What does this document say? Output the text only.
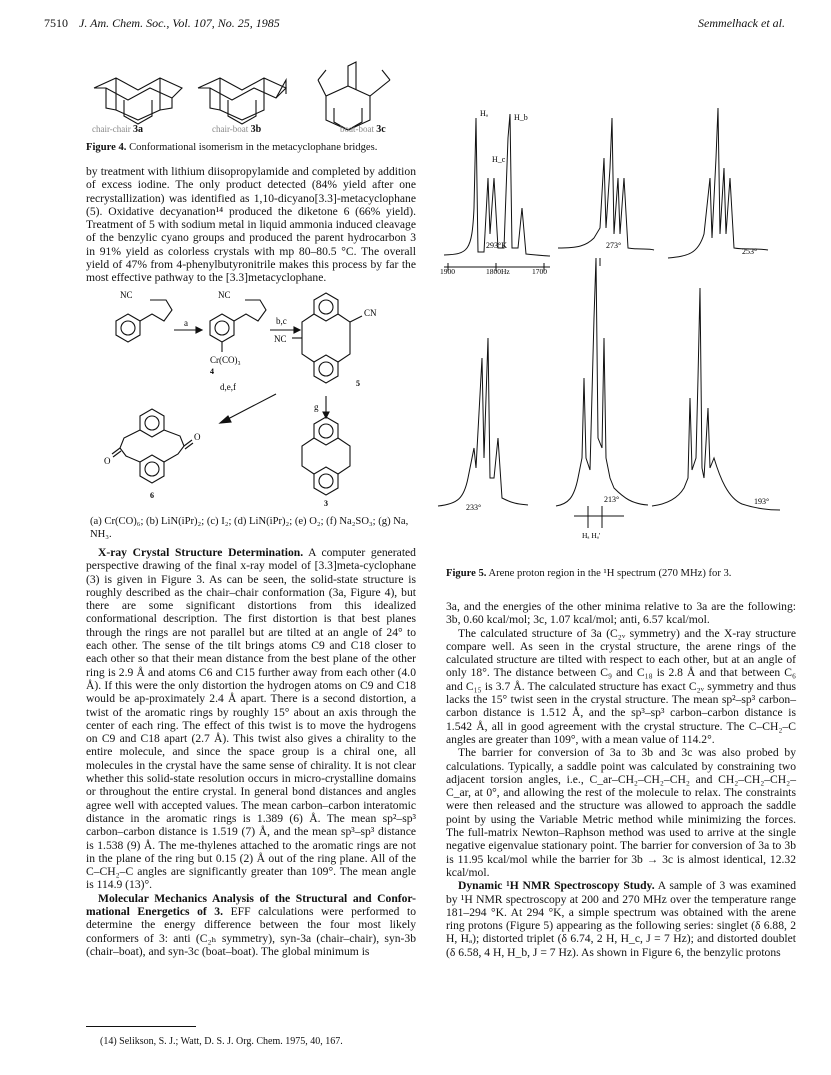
7510 J. Am. Chem. Soc., Vol. 107, No. 25, 1985	Semmelhack et al.
chair-chair 3a	chair-boat 3b	boat-boat 3c
Figure 4. Conformational isomerism in the metacyclophane bridges.

by treatment with lithium diisopropylamide and completed by addition of excess iodine. The only product detected (84% yield after one recrystallization) was identified as 1,10-dicyano[3.3]-metacyclophane (5). Oxidative decyanation¹⁴ produced the diketone 6 (66% yield). Treatment of 5 with sodium metal in liquid ammonia induced cleavage of the benzylic cyano groups and produced the parent hydrocarbon 3 in 91% yield as colorless crystals with mp 80–80.5 °C. The overall yield of 47% from 4-phenylbutyronitrile makes this process by far the most effective pathway to the [3.3]metacyclophane.

NC	NC
NC
CN
a	b,c
d,e,f
g
Cr(CO)₃
4
5
6
3
O
O
(a) Cr(CO)₆; (b) LiN(iPr)₂; (c) I₂; (d) LiN(iPr)₂; (e) O₂; (f) Na₂SO₃; (g) Na, NH₃.

X-ray Crystal Structure Determination. A computer generated perspective drawing of the final x-ray model of [3.3]meta-cyclophane (3) is given in Figure 3. As can be seen, the solid-state structure is roughly described as the chair–chair conformation (3a, Figure 4), but there are some significant distortions from this idealized conformational description. The first distortion is that best planes through the rings are not parallel but are tilted at an angle of 24° to each other. The sense of the tilt brings atoms C9 and C18 closer to each other so that their mean distance from the best plane of the other ring is 2.9 Å and atoms C6 and C15 further away from each other (4.0 Å). If this were the only distortion the hydrogen atoms on C9 and C18 would be ap-proximately 2.4 Å apart. There is a second distortion, a twist of the aromatic rings by roughly 15° about an axis through the center of each ring. The effect of this twist is to move the hydrogens on C9 and C18 apart (2.7 Å). This twist also gives a chirality to the entire molecule, and since the space group is a chiral one, all molecules in the crystal have the same sense of chirality. It is not clear whether this solid-state resolution occurs in micro-crystalline domains or throughout the entire crystal. In general bond distances and angles agree well with accepted values. The mean carbon–carbon interatomic distance in the aromatic rings is 1.389 (6) Å. The mean sp²–sp³ carbon–carbon distance is 1.519 (7) Å, and the mean sp³–sp³ distance is 1.538 (9) Å. The me-thylenes attached to the aromatic rings are not in the plane of the ring but 0.15 (2) Å out of the ring plane. All of the C–CH₂–C angles are significantly greater than 109°. The mean angle is 114.9 (13)°.

Molecular Mechanics Analysis of the Structural and Confor-mational Energetics of 3. EFF calculations were performed to determine the energy difference between the four most likely conformers of 3: anti (C₂ₕ symmetry), syn-3a (chair–chair), syn-3b (chair–boat), and syn-3c (boat–boat). The global minimum is

(14) Selikson, S. J.; Watt, D. S. J. Org. Chem. 1975, 40, 167.
Hₐ	H_b
H_c
293°K	273°
253°
233°
213°	193°
1900	1800Hz	1700
Hₐ Hₐ'
Figure 5. Arene proton region in the ¹H spectrum (270 MHz) for 3.

3a, and the energies of the other minima relative to 3a are the following: 3b, 0.60 kcal/mol; 3c, 1.07 kcal/mol; anti, 6.57 kcal/mol.

The calculated structure of 3a (C₂ᵥ symmetry) and the X-ray structure compare well. As seen in the crystal structure, the arene rings of the calculated structure are tilted with respect to each other, but at an angle of only 18°. The distance between C₉ and C₁₈ is 2.8 Å and that between C₆ and C₁₅ is 3.7 Å. The calculated structure has exact C₂ᵥ symmetry and thus lacks the 15° twist seen in the crystal structure. The mean sp²–sp³ carbon–carbon distance is 1.512 Å, and the sp³–sp³ carbon–carbon distance is 1.542 Å, all in good agreement with the crystal structure. The C–CH₂–C angles are greater than 109°, with a mean value of 114.2°.

The barrier for conversion of 3a to 3b and 3c was also probed by calculations. Typically, a saddle point was calculated by constraining two adjacent torsion angles, i.e., C_ar–CH₂–CH₂–CH₂ and CH₂–CH₂–CH₂–C_ar, at 0°, and allowing the rest of the molecule to relax. The constraints were then released and the structure was allowed to approach the saddle point by using the Variable Metric method while minimizing the forces. The full-matrix Newton–Raphson method was used to arrive at the single negative eigenvalue stationary point. The barrier for conversion of 3a to 3b is 11.95 kcal/mol while the barrier for 3b → 3c is almost identical, 12.32 kcal/mol.

Dynamic ¹H NMR Spectroscopy Study. A sample of 3 was examined by ¹H NMR spectroscopy at 200 and 270 MHz over the temperature range 181–294 °K. At 294 °K, a simple spectrum was obtained with the arene ring protons (Figure 5) appearing as the following series: singlet (δ 6.88, 2 H, Hₐ); distorted triplet (δ 6.74, 2 H, H_c, J = 7 Hz); and distorted doublet (δ 6.58, 4 H, H_b, J = 7 Hz). As shown in Figure 6, the benzylic protons
